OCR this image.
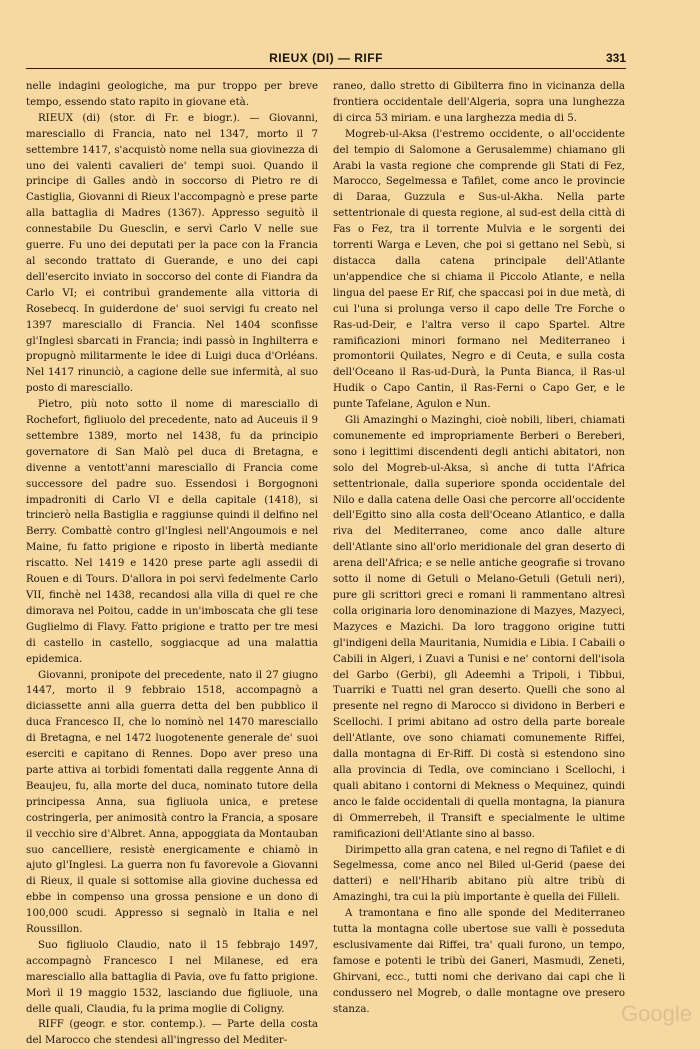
RIEUX (DI) — RIFF	331

nelle indagini geologiche, ma pur troppo per breve tempo, essendo stato rapito in giovane età.

RIEUX (di) (stor. di Fr. e biogr.). — Giovanni, maresciallo di Francia, nato nel 1347, morto il 7 settembre 1417, s'acquistò nome nella sua giovinezza di uno dei valenti cavalieri de' tempi suoi. Quando il principe di Galles andò in soccorso di Pietro re di Castiglia, Giovanni di Rieux l'accompagnò e prese parte alla battaglia di Madres (1367). Appresso seguitò il connestabile Du Guesclin, e servì Carlo V nelle sue guerre. Fu uno dei deputati per la pace con la Francia al secondo trattato di Guerande, e uno dei capi dell'esercito inviato in soccorso del conte di Fiandra da Carlo VI; ei contribuì grandemente alla vittoria di Rosebecq. In guiderdone de' suoi servigi fu creato nel 1397 maresciallo di Francia. Nel 1404 sconfisse gl'Inglesi sbarcati in Francia; indi passò in Inghilterra e propugnò militarmente le idee di Luigi duca d'Orléans. Nel 1417 rinunciò, a cagione delle sue infermità, al suo posto di maresciallo.

Pietro, più noto sotto il nome di maresciallo di Rochefort, figliuolo del precedente, nato ad Auceuis il 9 settembre 1389, morto nel 1438, fu da principio governatore di San Malò pel duca di Bretagna, e divenne a ventott'anni maresciallo di Francia come successore del padre suo. Essendosi i Borgognoni impadroniti di Carlo VI e della capitale (1418), si trincierò nella Bastiglia e raggiunse quindi il delfino nel Berry. Combattè contro gl'Inglesi nell'Angoumois e nel Maine, fu fatto prigione e riposto in libertà mediante riscatto. Nel 1419 e 1420 prese parte agli assedii di Rouen e di Tours. D'allora in poi servì fedelmente Carlo VII, finchè nel 1438, recandosi alla villa di quel re che dimorava nel Poitou, cadde in un'imboscata che gli tese Guglielmo di Flavy. Fatto prigione e tratto per tre mesi di castello in castello, soggiacque ad una malattia epidemica.

Giovanni, pronipote del precedente, nato il 27 giugno 1447, morto il 9 febbraio 1518, accompagnò a diciassette anni alla guerra detta del ben pubblico il duca Francesco II, che lo nominò nel 1470 maresciallo di Bretagna, e nel 1472 luogotenente generale de' suoi eserciti e capitano di Rennes. Dopo aver preso una parte attiva ai torbidi fomentati dalla reggente Anna di Beaujeu, fu, alla morte del duca, nominato tutore della principessa Anna, sua figliuola unica, e pretese costringerla, per animosità contro la Francia, a sposare il vecchio sire d'Albret. Anna, appoggiata da Montauban suo cancelliere, resistè energicamente e chiamò in ajuto gl'Inglesi. La guerra non fu favorevole a Giovanni di Rieux, il quale si sottomise alla giovine duchessa ed ebbe in compenso una grossa pensione e un dono di 100,000 scudi. Appresso si segnalò in Italia e nel Roussillon.

Suo figliuolo Claudio, nato il 15 febbrajo 1497, accompagnò Francesco I nel Milanese, ed era maresciallo alla battaglia di Pavia, ove fu fatto prigione. Morì il 19 maggio 1532, lasciando due figliuole, una delle quali, Claudia, fu la prima moglie di Coligny.

RIFF (geogr. e stor. contemp.). — Parte della costa del Marocco che stendesi all'ingresso del Mediter-

raneo, dallo stretto di Gibilterra fino in vicinanza della frontiera occidentale dell'Algeria, sopra una lunghezza di circa 53 miriam. e una larghezza media di 5.

Mogreb-ul-Aksa (l'estremo occidente, o all'occidente del tempio di Salomone a Gerusalemme) chiamano gli Arabi la vasta regione che comprende gli Stati di Fez, Marocco, Segelmessa e Tafilet, come anco le provincie di Daraa, Guzzula e Sus-ul-Akha. Nella parte settentrionale di questa regione, al sud-est della città di Fas o Fez, tra il torrente Mulvia e le sorgenti dei torrenti Warga e Leven, che poi si gettano nel Sebù, si distacca dalla catena principale dell'Atlante un'appendice che si chiama il Piccolo Atlante, e nella lingua del paese Er Rif, che spaccasi poi in due metà, di cui l'una si prolunga verso il capo delle Tre Forche o Ras-ud-Deir, e l'altra verso il capo Spartel. Altre ramificazioni minori formano nel Mediterraneo i promontorii Quilates, Negro e di Ceuta, e sulla costa dell'Oceano il Ras-ud-Durà, la Punta Bianca, il Ras-ul Hudik o Capo Cantin, il Ras-Ferni o Capo Ger, e le punte Tafelane, Agulon e Nun.

Gli Amazinghi o Mazinghi, cioè nobili, liberi, chiamati comunemente ed impropriamente Berberi o Bereberi, sono i legittimi discendenti degli antichi abitatori, non solo del Mogreb-ul-Aksa, sì anche di tutta l'Africa settentrionale, dalla superiore sponda occidentale del Nilo e dalla catena delle Oasi che percorre all'occidente dell'Egitto sino alla costa dell'Oceano Atlantico, e dalla riva del Mediterraneo, come anco dalle alture dell'Atlante sino all'orlo meridionale del gran deserto di arena dell'Africa; e se nelle antiche geografie si trovano sotto il nome di Getuli o Melano-Getuli (Getuli neri), pure gli scrittori greci e romani li rammentano altresì colla originaria loro denominazione di Mazyes, Mazyeci, Mazyces e Mazichi. Da loro traggono origine tutti gl'indigeni della Mauritania, Numidia e Libia. I Cabaili o Cabili in Algeri, i Zuavi a Tunisi e ne' contorni dell'isola del Garbo (Gerbi), gli Adeemhi a Tripoli, i Tibbui, Tuarriki e Tuatti nel gran deserto. Quelli che sono al presente nel regno di Marocco si dividono in Berberi e Scellochi. I primi abitano ad ostro della parte boreale dell'Atlante, ove sono chiamati comunemente Riffei, dalla montagna di Er-Riff. Di costà si estendono sino alla provincia di Tedla, ove cominciano i Scellochi, i quali abitano i contorni di Mekness o Mequinez, quindi anco le falde occidentali di quella montagna, la pianura di Ommerrebeh, il Transift e specialmente le ultime ramificazioni dell'Atlante sino al basso.

Dirimpetto alla gran catena, e nel regno di Tafilet e di Segelmessa, come anco nel Biled ul-Gerid (paese dei datteri) e nell'Hharib abitano più altre tribù di Amazinghi, tra cui la più importante è quella dei Filleli.

A tramontana e fino alle sponde del Mediterraneo tutta la montagna colle ubertose sue valli è posseduta esclusivamente dai Riffei, tra' quali furono, un tempo, famose e potenti le tribù dei Ganeri, Masmudi, Zeneti, Ghirvani, ecc., tutti nomi che derivano dai capi che li condussero nel Mogreb, o dalle montagne ove presero stanza.	Google
